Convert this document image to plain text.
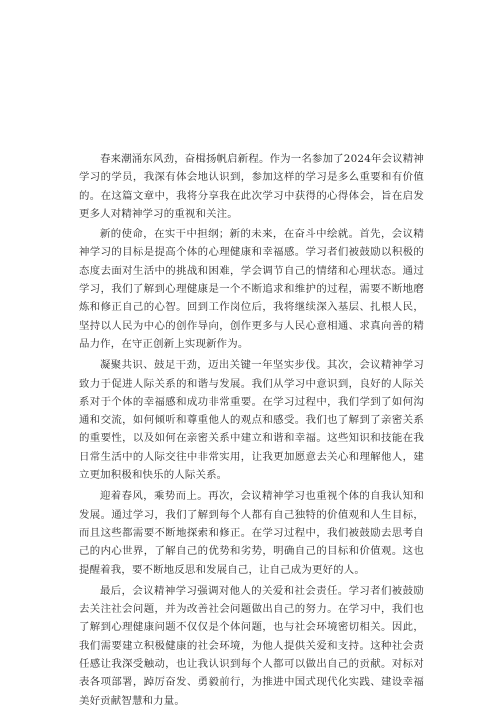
春来潮涌东风劲，奋楫扬帆启新程。作为一名参加了2024年会议精神学习的学员，我深有体会地认识到，参加这样的学习是多么重要和有价值的。在这篇文章中，我将分享我在此次学习中获得的心得体会，旨在启发更多人对精神学习的重视和关注。

新的使命，在实干中担纲；新的未来，在奋斗中绘就。首先，会议精神学习的目标是提高个体的心理健康和幸福感。学习者们被鼓励以积极的态度去面对生活中的挑战和困难，学会调节自己的情绪和心理状态。通过学习，我们了解到心理健康是一个不断追求和维护的过程，需要不断地磨炼和修正自己的心智。回到工作岗位后，我将继续深入基层、扎根人民，坚持以人民为中心的创作导向，创作更多与人民心意相通、求真向善的精品力作，在守正创新上实现新作为。

凝聚共识、鼓足干劲，迈出关键一年坚实步伐。其次，会议精神学习致力于促进人际关系的和谐与发展。我们从学习中意识到，良好的人际关系对于个体的幸福感和成功非常重要。在学习过程中，我们学到了如何沟通和交流，如何倾听和尊重他人的观点和感受。我们也了解到了亲密关系的重要性，以及如何在亲密关系中建立和谐和幸福。这些知识和技能在我日常生活中的人际交往中非常实用，让我更加愿意去关心和理解他人，建立更加积极和快乐的人际关系。

迎着春风，乘势而上。再次，会议精神学习也重视个体的自我认知和发展。通过学习，我们了解到每个人都有自己独特的价值观和人生目标，而且这些都需要不断地探索和修正。在学习过程中，我们被鼓励去思考自己的内心世界，了解自己的优势和劣势，明确自己的目标和价值观。这也提醒着我，要不断地反思和发展自己，让自己成为更好的人。

最后，会议精神学习强调对他人的关爱和社会责任。学习者们被鼓励去关注社会问题，并为改善社会问题做出自己的努力。在学习中，我们也了解到心理健康问题不仅仅是个体问题，也与社会环境密切相关。因此，我们需要建立积极健康的社会环境，为他人提供关爱和支持。这种社会责任感让我深受触动，也让我认识到每个人都可以做出自己的贡献。对标对表各项部署，踔厉奋发、勇毅前行，为推进中国式现代化实践、建设幸福美好贡献智慧和力量。
